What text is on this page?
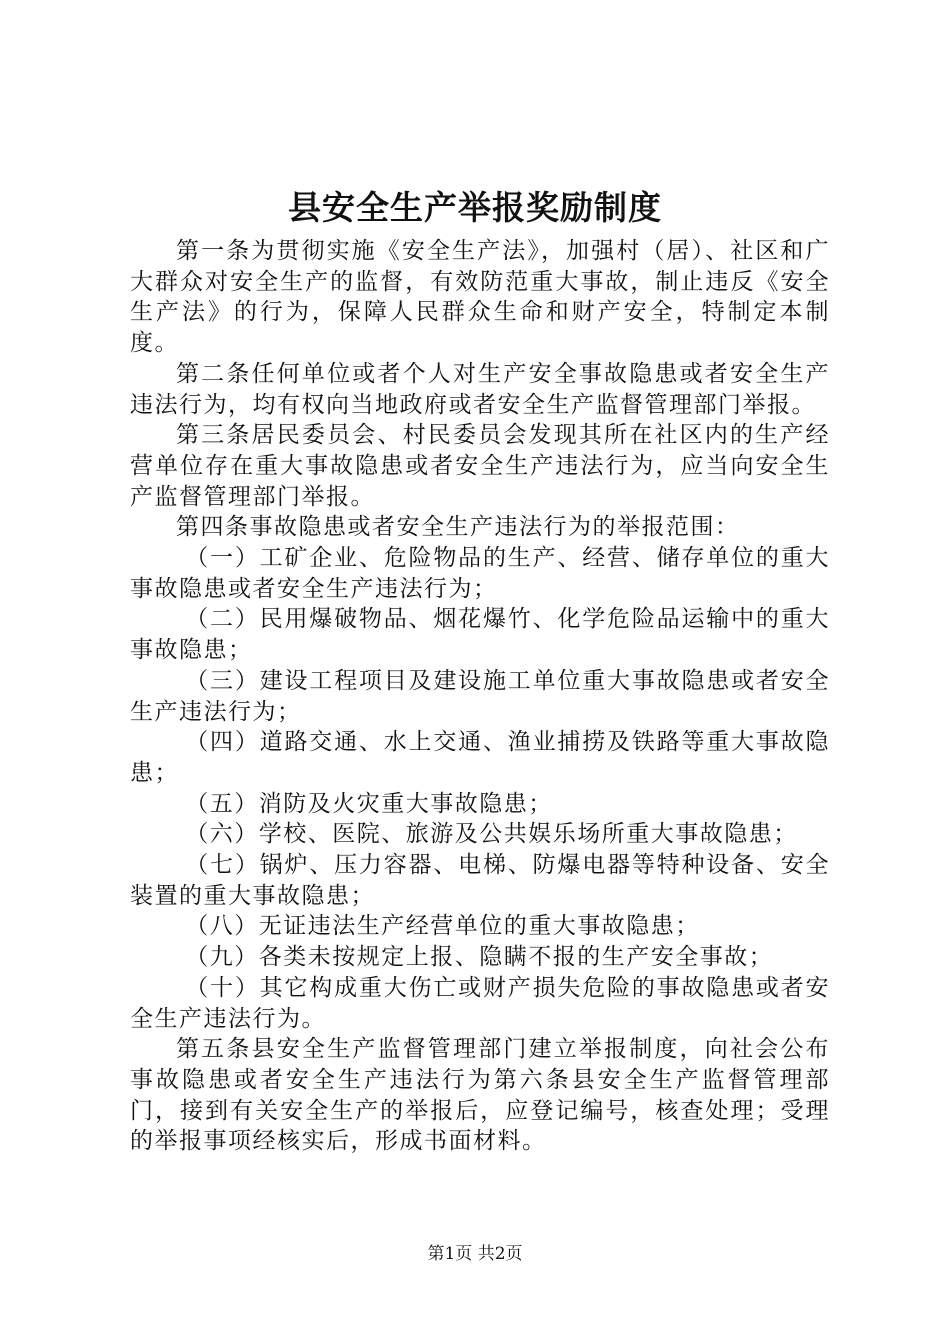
县安全生产举报奖励制度

第一条为贯彻实施《安全生产法》，加强村（居）、社区和广大群众对安全生产的监督，有效防范重大事故，制止违反《安全生产法》的行为，保障人民群众生命和财产安全，特制定本制度。

第二条任何单位或者个人对生产安全事故隐患或者安全生产违法行为，均有权向当地政府或者安全生产监督管理部门举报。

第三条居民委员会、村民委员会发现其所在社区内的生产经营单位存在重大事故隐患或者安全生产违法行为，应当向安全生产监督管理部门举报。

第四条事故隐患或者安全生产违法行为的举报范围：

（一）工矿企业、危险物品的生产、经营、储存单位的重大事故隐患或者安全生产违法行为；

（二）民用爆破物品、烟花爆竹、化学危险品运输中的重大事故隐患；

（三）建设工程项目及建设施工单位重大事故隐患或者安全生产违法行为；

（四）道路交通、水上交通、渔业捕捞及铁路等重大事故隐患；

（五）消防及火灾重大事故隐患；

（六）学校、医院、旅游及公共娱乐场所重大事故隐患；

（七）锅炉、压力容器、电梯、防爆电器等特种设备、安全装置的重大事故隐患；

（八）无证违法生产经营单位的重大事故隐患；

（九）各类未按规定上报、隐瞒不报的生产安全事故；

（十）其它构成重大伤亡或财产损失危险的事故隐患或者安全生产违法行为。

第五条县安全生产监督管理部门建立举报制度，向社会公布事故隐患或者安全生产违法行为第六条县安全生产监督管理部门，接到有关安全生产的举报后，应登记编号，核查处理；受理的举报事项经核实后，形成书面材料。

第1页 共2页
